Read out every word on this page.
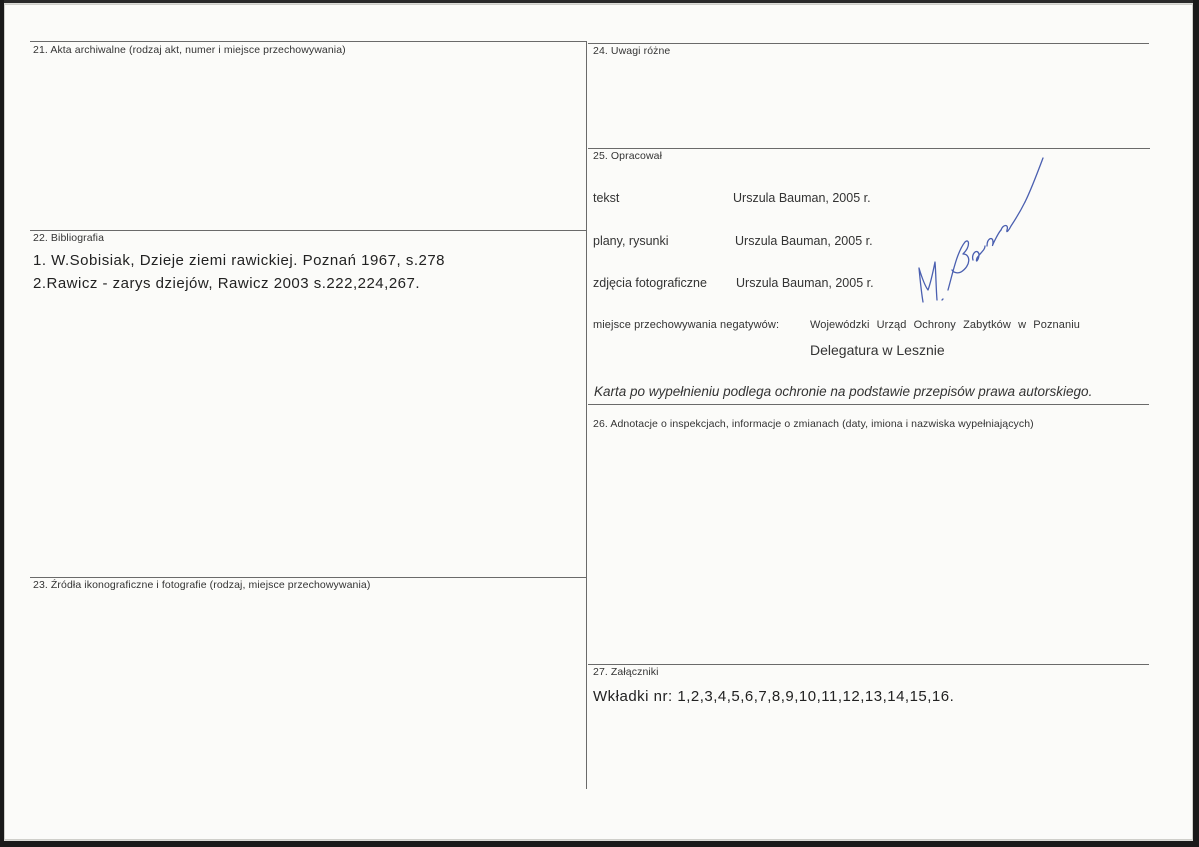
21. Akta archiwalne (rodzaj akt, numer i miejsce przechowywania)
22. Bibliografia
1. W.Sobisiak, Dzieje ziemi rawickiej. Poznań 1967, s.278
2.Rawicz - zarys dziejów, Rawicz 2003 s.222,224,267.
23. Źródła ikonograficzne i fotografie (rodzaj, miejsce przechowywania)
24. Uwagi różne
25. Opracował
tekst	Urszula Bauman, 2005 r.
plany, rysunki	Urszula Bauman, 2005 r.
zdjęcia fotograficzne Urszula Bauman, 2005 r.
miejsce przechowywania negatywów:	Wojewódzki Urząd Ochrony Zabytków w Poznaniu
Delegatura w Lesznie
Karta po wypełnieniu podlega ochronie na podstawie przepisów prawa autorskiego.
26. Adnotacje o inspekcjach, informacje o zmianach (daty, imiona i nazwiska wypełniających)
27. Załączniki
Wkładki nr: 1,2,3,4,5,6,7,8,9,10,11,12,13,14,15,16.
